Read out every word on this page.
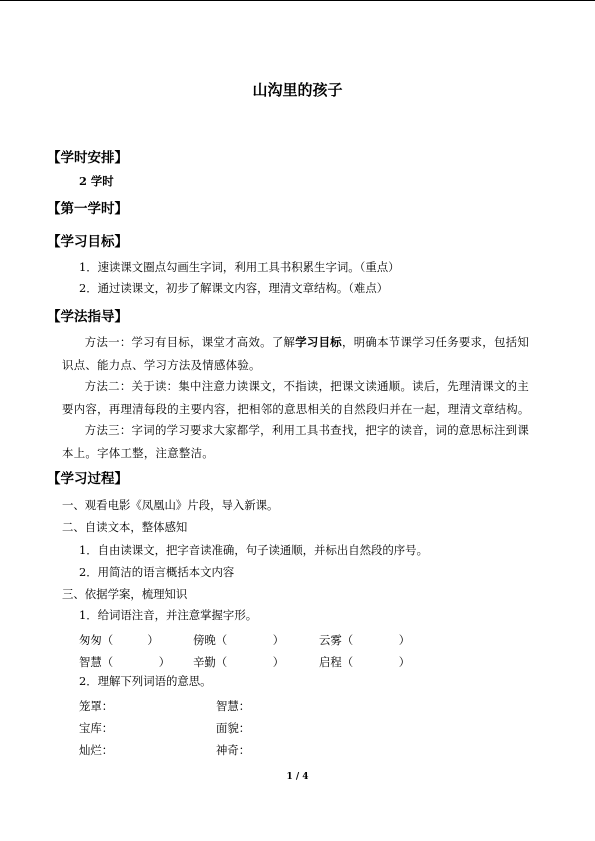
山沟里的孩子
【学时安排】
2 学时
【第一学时】
【学习目标】
1．速读课文圈点勾画生字词，利用工具书积累生字词。（重点）
2．通过读课文，初步了解课文内容，理清文章结构。（难点）
【学法指导】
方法一：学习有目标，课堂才高效。了解学习目标，明确本节课学习任务要求，包括知识点、能力点、学习方法及情感体验。
方法二：关于读：集中注意力读课文，不指读，把课文读通顺。读后，先理清课文的主要内容，再理清每段的主要内容，把相邻的意思相关的自然段归并在一起，理清文章结构。
方法三：字词的学习要求大家都学，利用工具书查找，把字的读音，词的意思标注到课本上。字体工整，注意整洁。
【学习过程】
一、观看电影《凤凰山》片段，导入新课。
二、自读文本，整体感知
1．自由读课文，把字音读准确，句子读通顺，并标出自然段的序号。
2．用简洁的语言概括本文内容
三、依据学案，梳理知识
1．给词语注音，并注意掌握字形。
匆匆（　　　）	傍晚（　　　　）	云雾（　　　　）
智慧（　　　　） 辛勤（　　　　）	启程（　　　　）
2．理解下列词语的意思。
笼罩：	智慧：
宝库：	面貌：
灿烂：	神奇：
1 / 4
